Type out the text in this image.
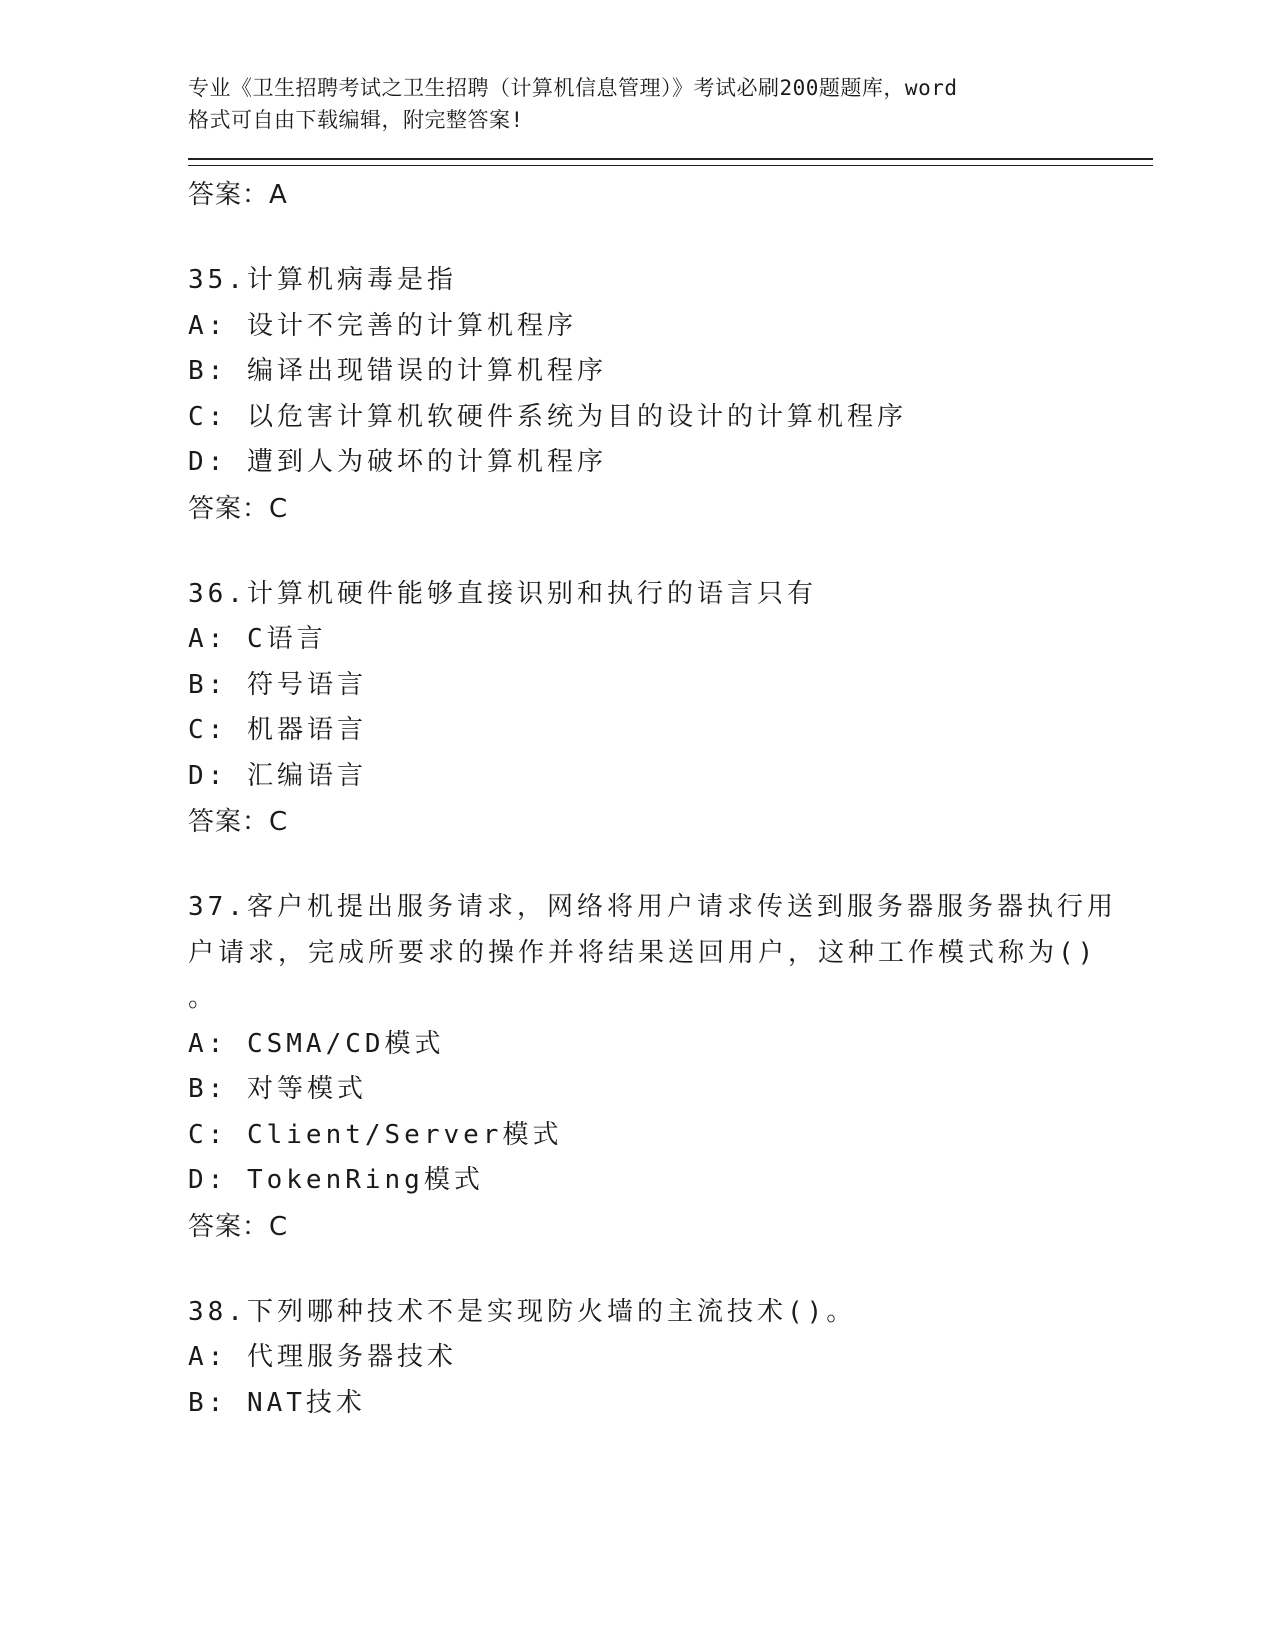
专业《卫生招聘考试之卫生招聘（计算机信息管理）》考试必刷200题题库，word
格式可自由下载编辑，附完整答案!
答案：A
35.计算机病毒是指
A: 设计不完善的计算机程序
B: 编译出现错误的计算机程序
C: 以危害计算机软硬件系统为目的设计的计算机程序
D: 遭到人为破坏的计算机程序
答案：C
36.计算机硬件能够直接识别和执行的语言只有
A: C语言
B: 符号语言
C: 机器语言
D: 汇编语言
答案：C
37.客户机提出服务请求，网络将用户请求传送到服务器服务器执行用
户请求，完成所要求的操作并将结果送回用户，这种工作模式称为()
。
A: CSMA/CD模式
B: 对等模式
C: Client/Server模式
D: TokenRing模式
答案：C
38.下列哪种技术不是实现防火墙的主流技术()。
A: 代理服务器技术
B: NAT技术
